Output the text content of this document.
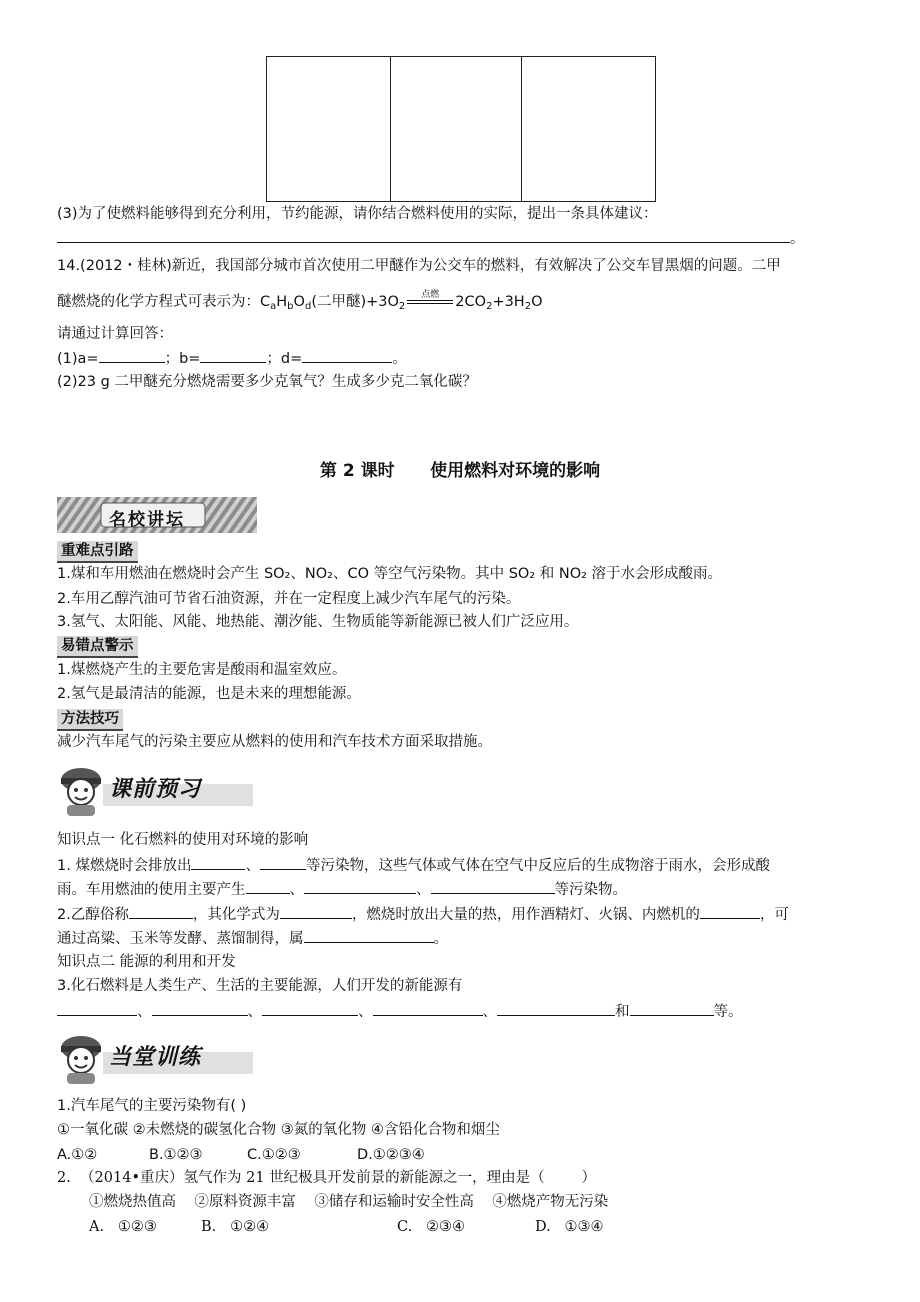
(3)为了使燃料能够得到充分利用，节约能源，请你结合燃料使用的实际，提出一条具体建议：
。
14.(2012・桂林)新近，我国部分城市首次使用二甲醚作为公交车的燃料，有效解决了公交车冒黑烟的问题。二甲
醚燃烧的化学方程式可表示为：$C_aH_bO_d$(二甲醚)$+3O_2$
点燃	$2CO_2+3H_2O$
请通过计算回答：
(1)a=	；b=	；d=	。
(2)23 g 二甲醚充分燃烧需要多少克氧气？生成多少克二氧化碳？
第 2 课时      使用燃料对环境的影响
名校讲坛
重难点引路
1.煤和车用燃油在燃烧时会产生 SO₂、NO₂、CO 等空气污染物。其中 SO₂ 和 NO₂ 溶于水会形成酸雨。
2.车用乙醇汽油可节省石油资源，并在一定程度上减少汽车尾气的污染。
3.氢气、太阳能、风能、地热能、潮汐能、生物质能等新能源已被人们广泛应用。
易错点警示
1.煤燃烧产生的主要危害是酸雨和温室效应。
2.氢气是最清洁的能源，也是未来的理想能源。
方法技巧
减少汽车尾气的污染主要应从燃料的使用和汽车技术方面采取措施。
课前预习
知识点一 化石燃料的使用对环境的影响
1. 煤燃烧时会排放出	、	等污染物，这些气体或气体在空气中反应后的生成物溶于雨水，会形成酸
雨。车用燃油的使用主要产生	、	、	等污染物。
2.乙醇俗称	，其化学式为	，燃烧时放出大量的热，用作酒精灯、火锅、内燃机的	，可
通过高粱、玉米等发酵、蒸馏制得，属	。
知识点二 能源的利用和开发
3.化石燃料是人类生产、生活的主要能源，人们开发的新能源有
、	、	、	、	和	等。
当堂训练
1.汽车尾气的主要污染物有( )
①一氧化碳 ②未燃烧的碳氢化合物 ③氮的氧化物 ④含铅化合物和烟尘
A.①②	B.①②③	C.①②③	D.①②③④
2.  （2014•重庆）氢气作为 21 世纪极具开发前景的新能源之一，理由是（        ）
①燃烧热值高    ②原料资源丰富    ③储存和运输时安全性高    ④燃烧产物无污染
A.   ①②③	B.   ①②④	C.   ②③④	D.   ①③④
